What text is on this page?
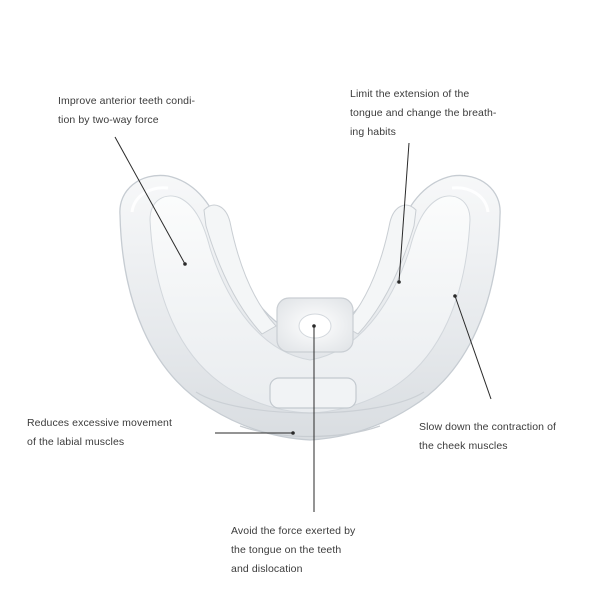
Improve anterior teeth condi-
tion by two-way force
Limit the extension of the
tongue and change the breath-
ing habits
Reduces excessive movement
of the labial muscles
Slow down the contraction of
the cheek muscles
Avoid the force exerted by
the tongue on the teeth
and dislocation
